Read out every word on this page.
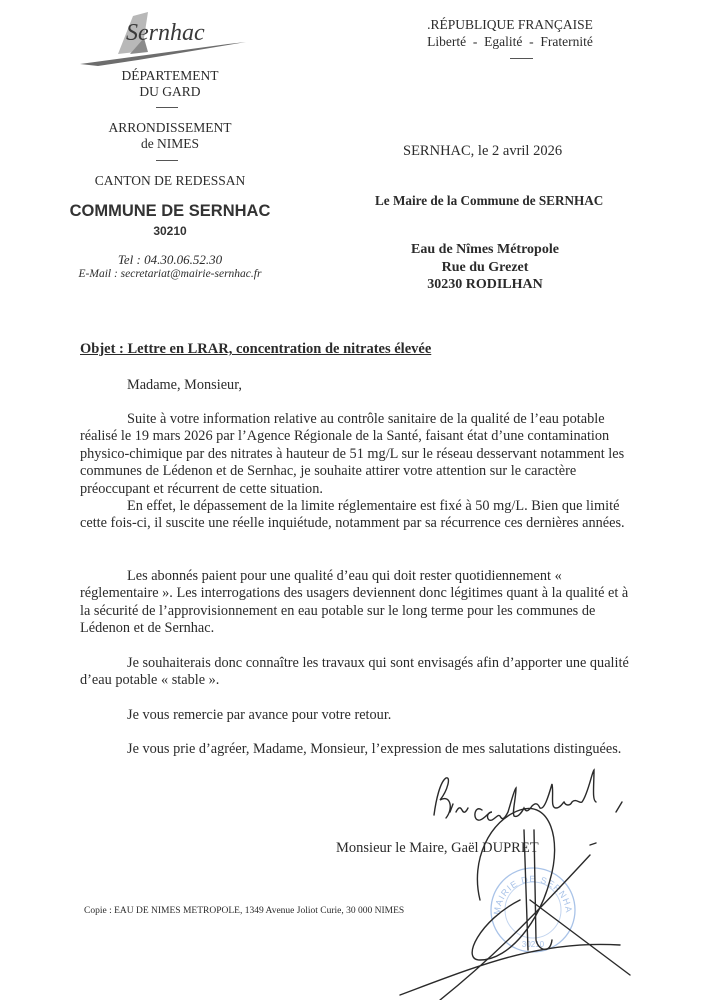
Sernhac
DÉPARTEMENT
DU GARD
ARRONDISSEMENT
de NIMES
CANTON DE REDESSAN
COMMUNE DE SERNHAC
30210
Tel : 04.30.06.52.30
E-Mail : secretariat@mairie-sernhac.fr
.RÉPUBLIQUE FRANÇAISE
Liberté  -  Egalité  -  Fraternité
SERNHAC, le 2 avril 2026
Le Maire de la Commune de SERNHAC
Eau de Nîmes Métropole
Rue du Grezet
30230 RODILHAN
Objet : Lettre en LRAR, concentration de nitrates élevée
Madame, Monsieur,

Suite à votre information relative au contrôle sanitaire de la qualité de l’eau potable réalisé le 19 mars 2026 par l’Agence Régionale de la Santé, faisant état d’une contamination physico-chimique par des nitrates à hauteur de 51 mg/L sur le réseau desservant notamment les communes de Lédenon et de Sernhac, je souhaite attirer votre attention sur le caractère préoccupant et récurrent de cette situation.

En effet, le dépassement de la limite réglementaire est fixé à 50 mg/L. Bien que limité cette fois-ci, il suscite une réelle inquiétude, notamment par sa récurrence ces dernières années.

Les abonnés paient pour une qualité d’eau qui doit rester quotidiennement « réglementaire ». Les interrogations des usagers deviennent donc légitimes quant à la qualité et à la sécurité de l’approvisionnement en eau potable sur le long terme pour les communes de Lédenon et de Sernhac.

Je souhaiterais donc connaître les travaux qui sont envisagés afin d’apporter une qualité d’eau potable « stable ».

Je vous remercie par avance pour votre retour.

Je vous prie d’agréer, Madame, Monsieur, l’expression de mes salutations distinguées.

MAIRIE DE SERNHA
30210
Monsieur le Maire, Gaël DUPRET
Copie : EAU DE NIMES METROPOLE, 1349 Avenue Joliot Curie, 30 000 NIMES
